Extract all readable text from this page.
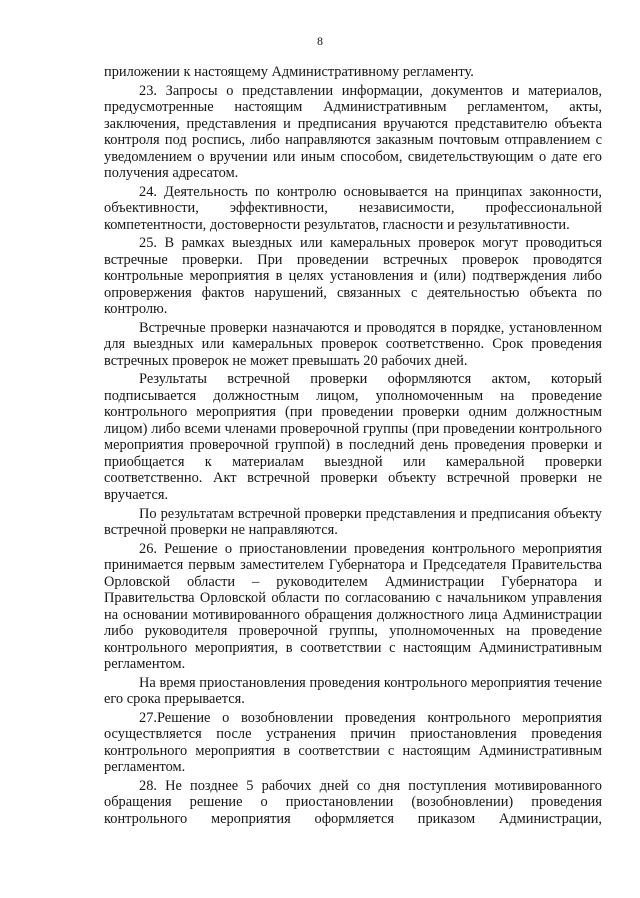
8

приложении к настоящему Административному регламенту.

23. Запросы о представлении информации, документов и материалов, предусмотренные настоящим Административным регламентом, акты, заключения, представления и предписания вручаются представителю объекта контроля под роспись, либо направляются заказным почтовым отправлением с уведомлением о вручении или иным способом, свидетельствующим о дате его получения адресатом.

24. Деятельность по контролю основывается на принципах законности, объективности, эффективности, независимости, профессиональной компетентности, достоверности результатов, гласности и результативности.

25. В рамках выездных или камеральных проверок могут проводиться встречные проверки. При проведении встречных проверок проводятся контрольные мероприятия в целях установления и (или) подтверждения либо опровержения фактов нарушений, связанных с деятельностью объекта по контролю.

Встречные проверки назначаются и проводятся в порядке, установленном для выездных или камеральных проверок соответственно. Срок проведения встречных проверок не может превышать 20 рабочих дней.

Результаты встречной проверки оформляются актом, который подписывается должностным лицом, уполномоченным на проведение контрольного мероприятия (при проведении проверки одним должностным лицом) либо всеми членами проверочной группы (при проведении контрольного мероприятия проверочной группой) в последний день проведения проверки и приобщается к материалам выездной или камеральной проверки соответственно. Акт встречной проверки объекту встречной проверки не вручается.

По результатам встречной проверки представления и предписания объекту встречной проверки не направляются.

26. Решение о приостановлении проведения контрольного мероприятия принимается первым заместителем Губернатора и Председателя Правительства Орловской области – руководителем Администрации Губернатора и Правительства Орловской области по согласованию с начальником управления на основании мотивированного обращения должностного лица Администрации либо руководителя проверочной группы, уполномоченных на проведение контрольного мероприятия, в соответствии с настоящим Административным регламентом.

На время приостановления проведения контрольного мероприятия течение его срока прерывается.

27.Решение о возобновлении проведения контрольного мероприятия осуществляется после устранения причин приостановления проведения контрольного мероприятия в соответствии с настоящим Административным регламентом.

28. Не позднее 5 рабочих дней со дня поступления мотивированного обращения решение о приостановлении (возобновлении) проведения контрольного мероприятия оформляется приказом Администрации,
